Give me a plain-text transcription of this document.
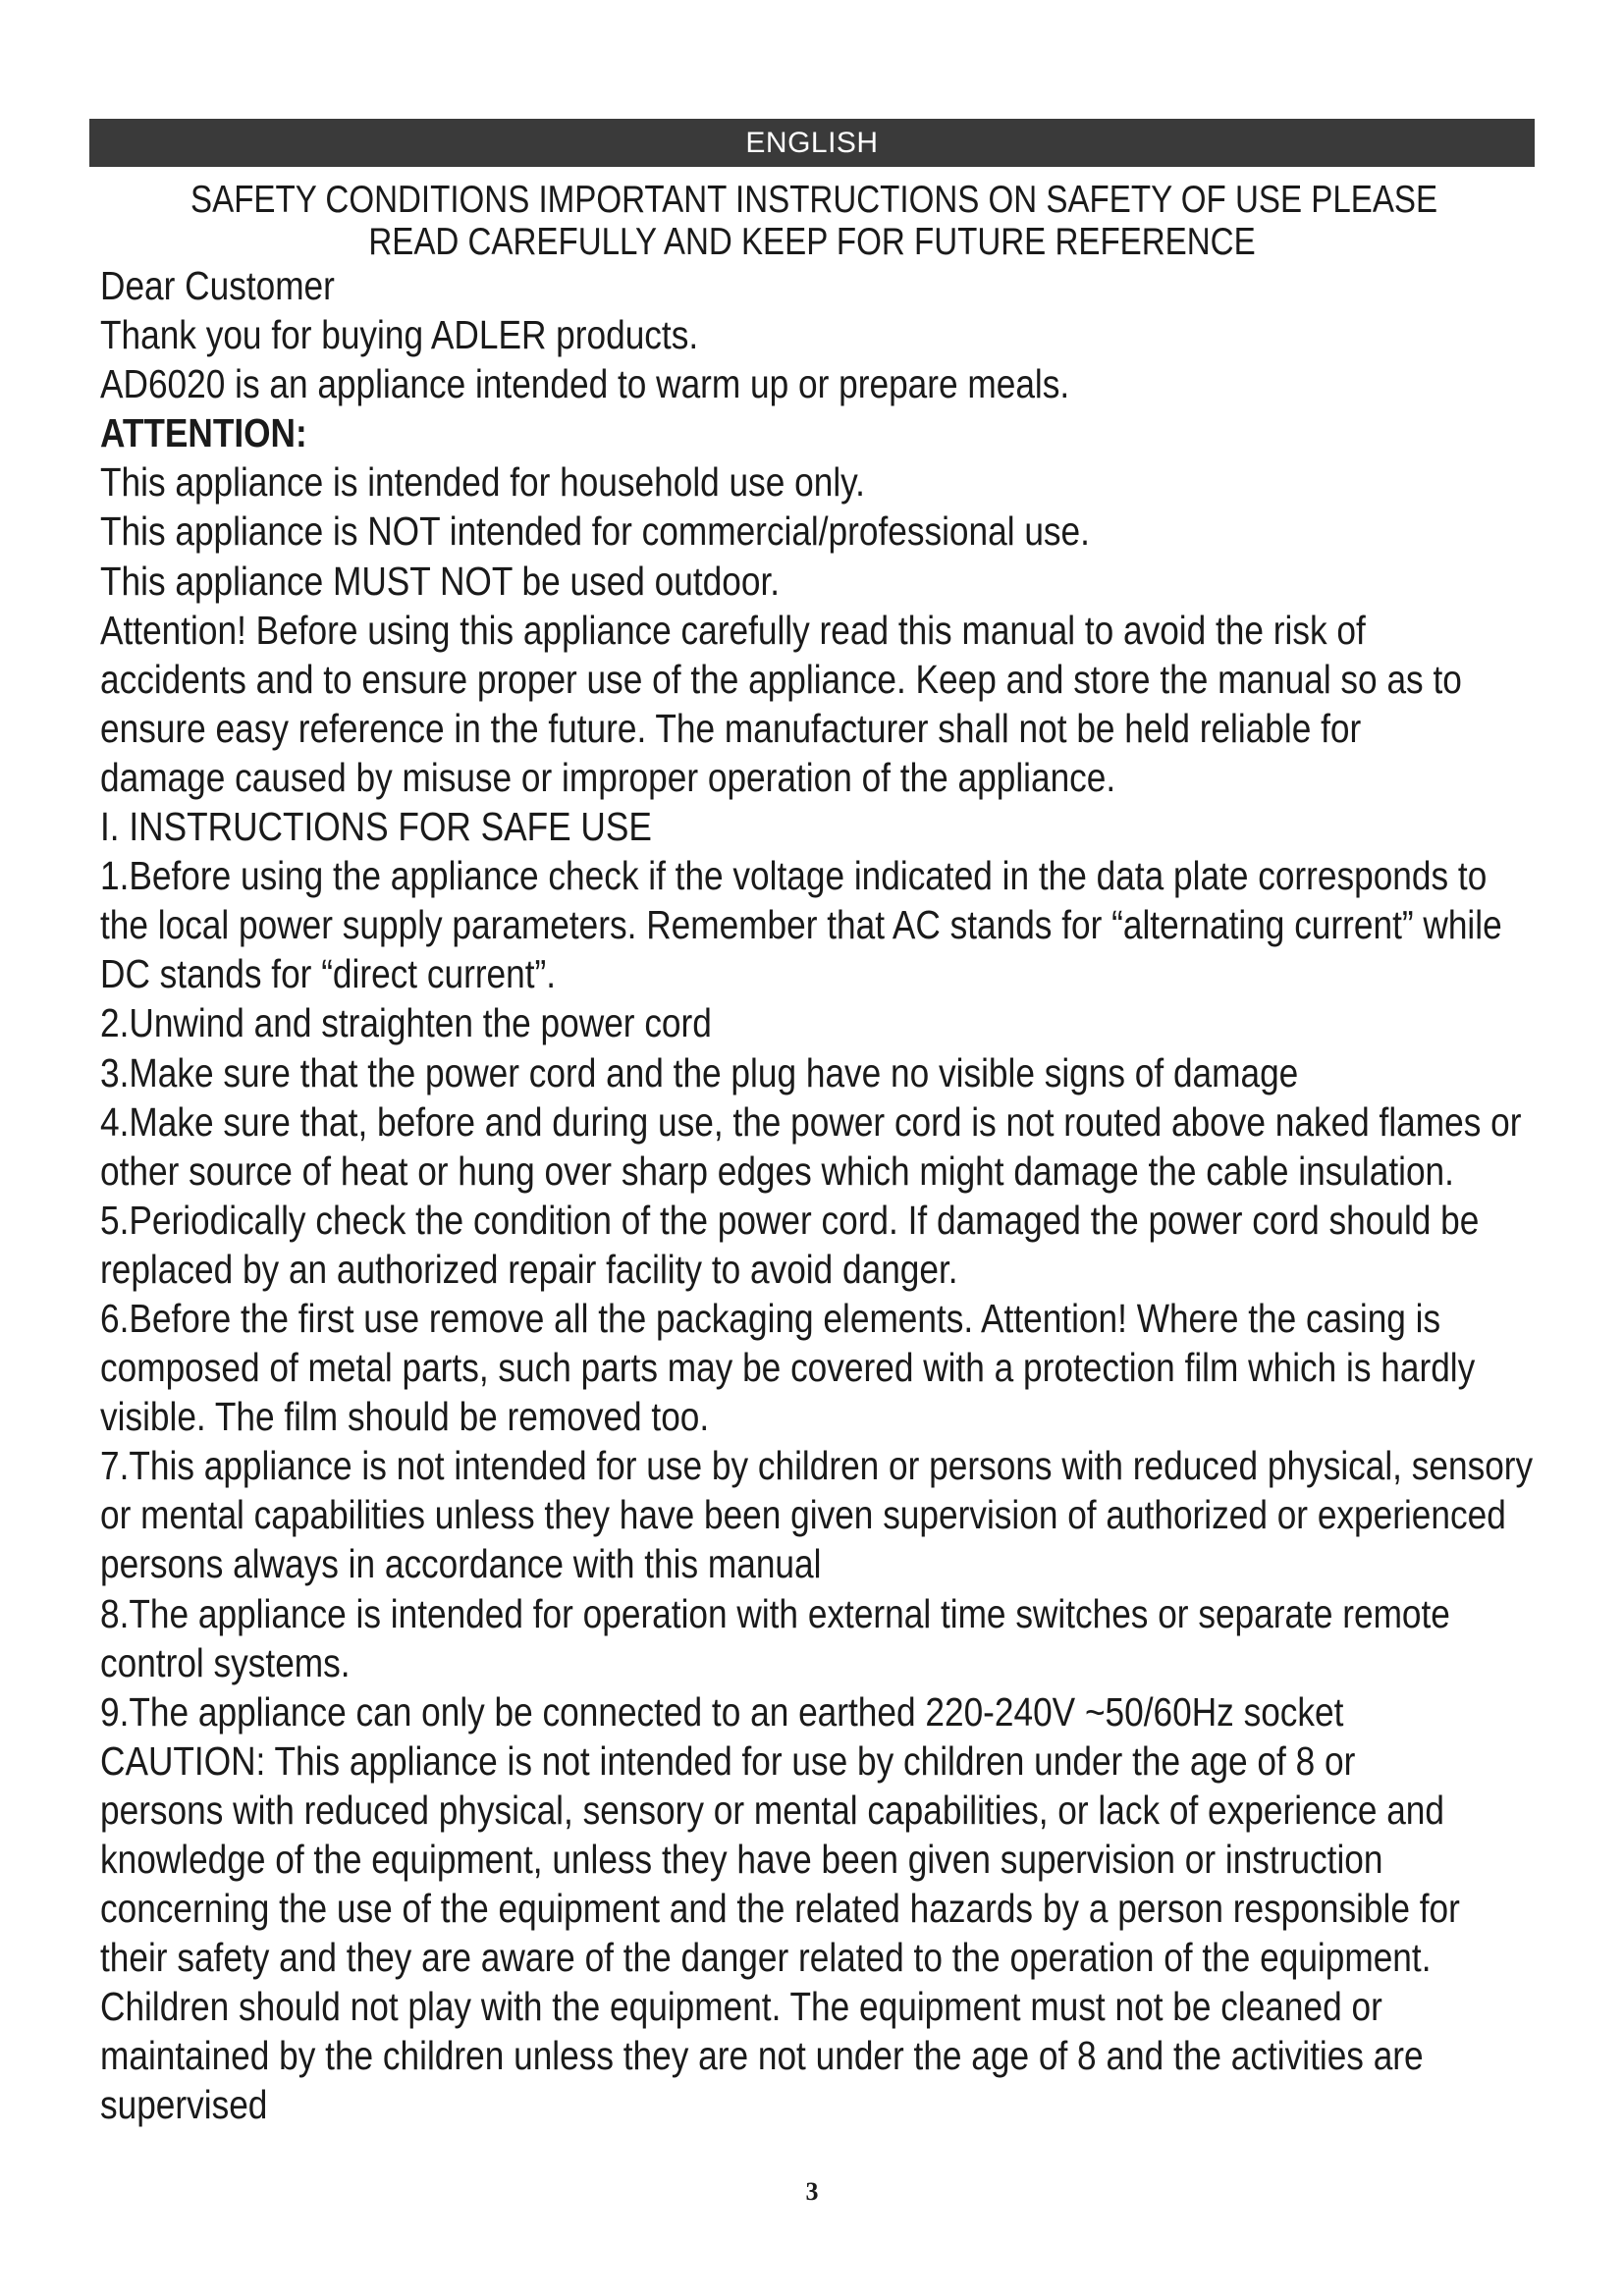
ENGLISH
SAFETY CONDITIONS IMPORTANT INSTRUCTIONS ON SAFETY OF USE PLEASE
READ CAREFULLY AND KEEP FOR FUTURE REFERENCE
Dear Customer
Thank you for buying ADLER products.
AD6020 is an appliance intended to warm up or prepare meals.
ATTENTION:
This appliance is intended for household use only.
This appliance is NOT intended for commercial/professional use.
This appliance MUST NOT be used outdoor.
Attention! Before using this appliance carefully read this manual to avoid the risk of
accidents and to ensure proper use of the appliance. Keep and store the manual so as to
ensure easy reference in the future. The manufacturer shall not be held reliable for
damage caused by misuse or improper operation of the appliance.
I. INSTRUCTIONS FOR SAFE USE
1.Before using the appliance check if the voltage indicated in the data plate corresponds to
the local power supply parameters. Remember that AC stands for “alternating current” while
DC stands for “direct current”.
2.Unwind and straighten the power cord
3.Make sure that the power cord and the plug have no visible signs of damage
4.Make sure that, before and during use, the power cord is not routed above naked flames or
other source of heat or hung over sharp edges which might damage the cable insulation.
5.Periodically check the condition of the power cord. If damaged the power cord should be
replaced by an authorized repair facility to avoid danger.
6.Before the first use remove all the packaging elements. Attention! Where the casing is
composed of metal parts, such parts may be covered with a protection film which is hardly
visible. The film should be removed too.
7.This appliance is not intended for use by children or persons with reduced physical, sensory
or mental capabilities unless they have been given supervision of authorized or experienced
persons always in accordance with this manual
8.The appliance is intended for operation with external time switches or separate remote
control systems.
9.The appliance can only be connected to an earthed 220-240V ~50/60Hz socket
CAUTION: This appliance is not intended for use by children under the age of 8 or
persons with reduced physical, sensory or mental capabilities, or lack of experience and
knowledge of the equipment, unless they have been given supervision or instruction
concerning the use of the equipment and the related hazards by a person responsible for
their safety and they are aware of the danger related to the operation of the equipment.
Children should not play with the equipment. The equipment must not be cleaned or
maintained by the children unless they are not under the age of 8 and the activities are
supervised
3
